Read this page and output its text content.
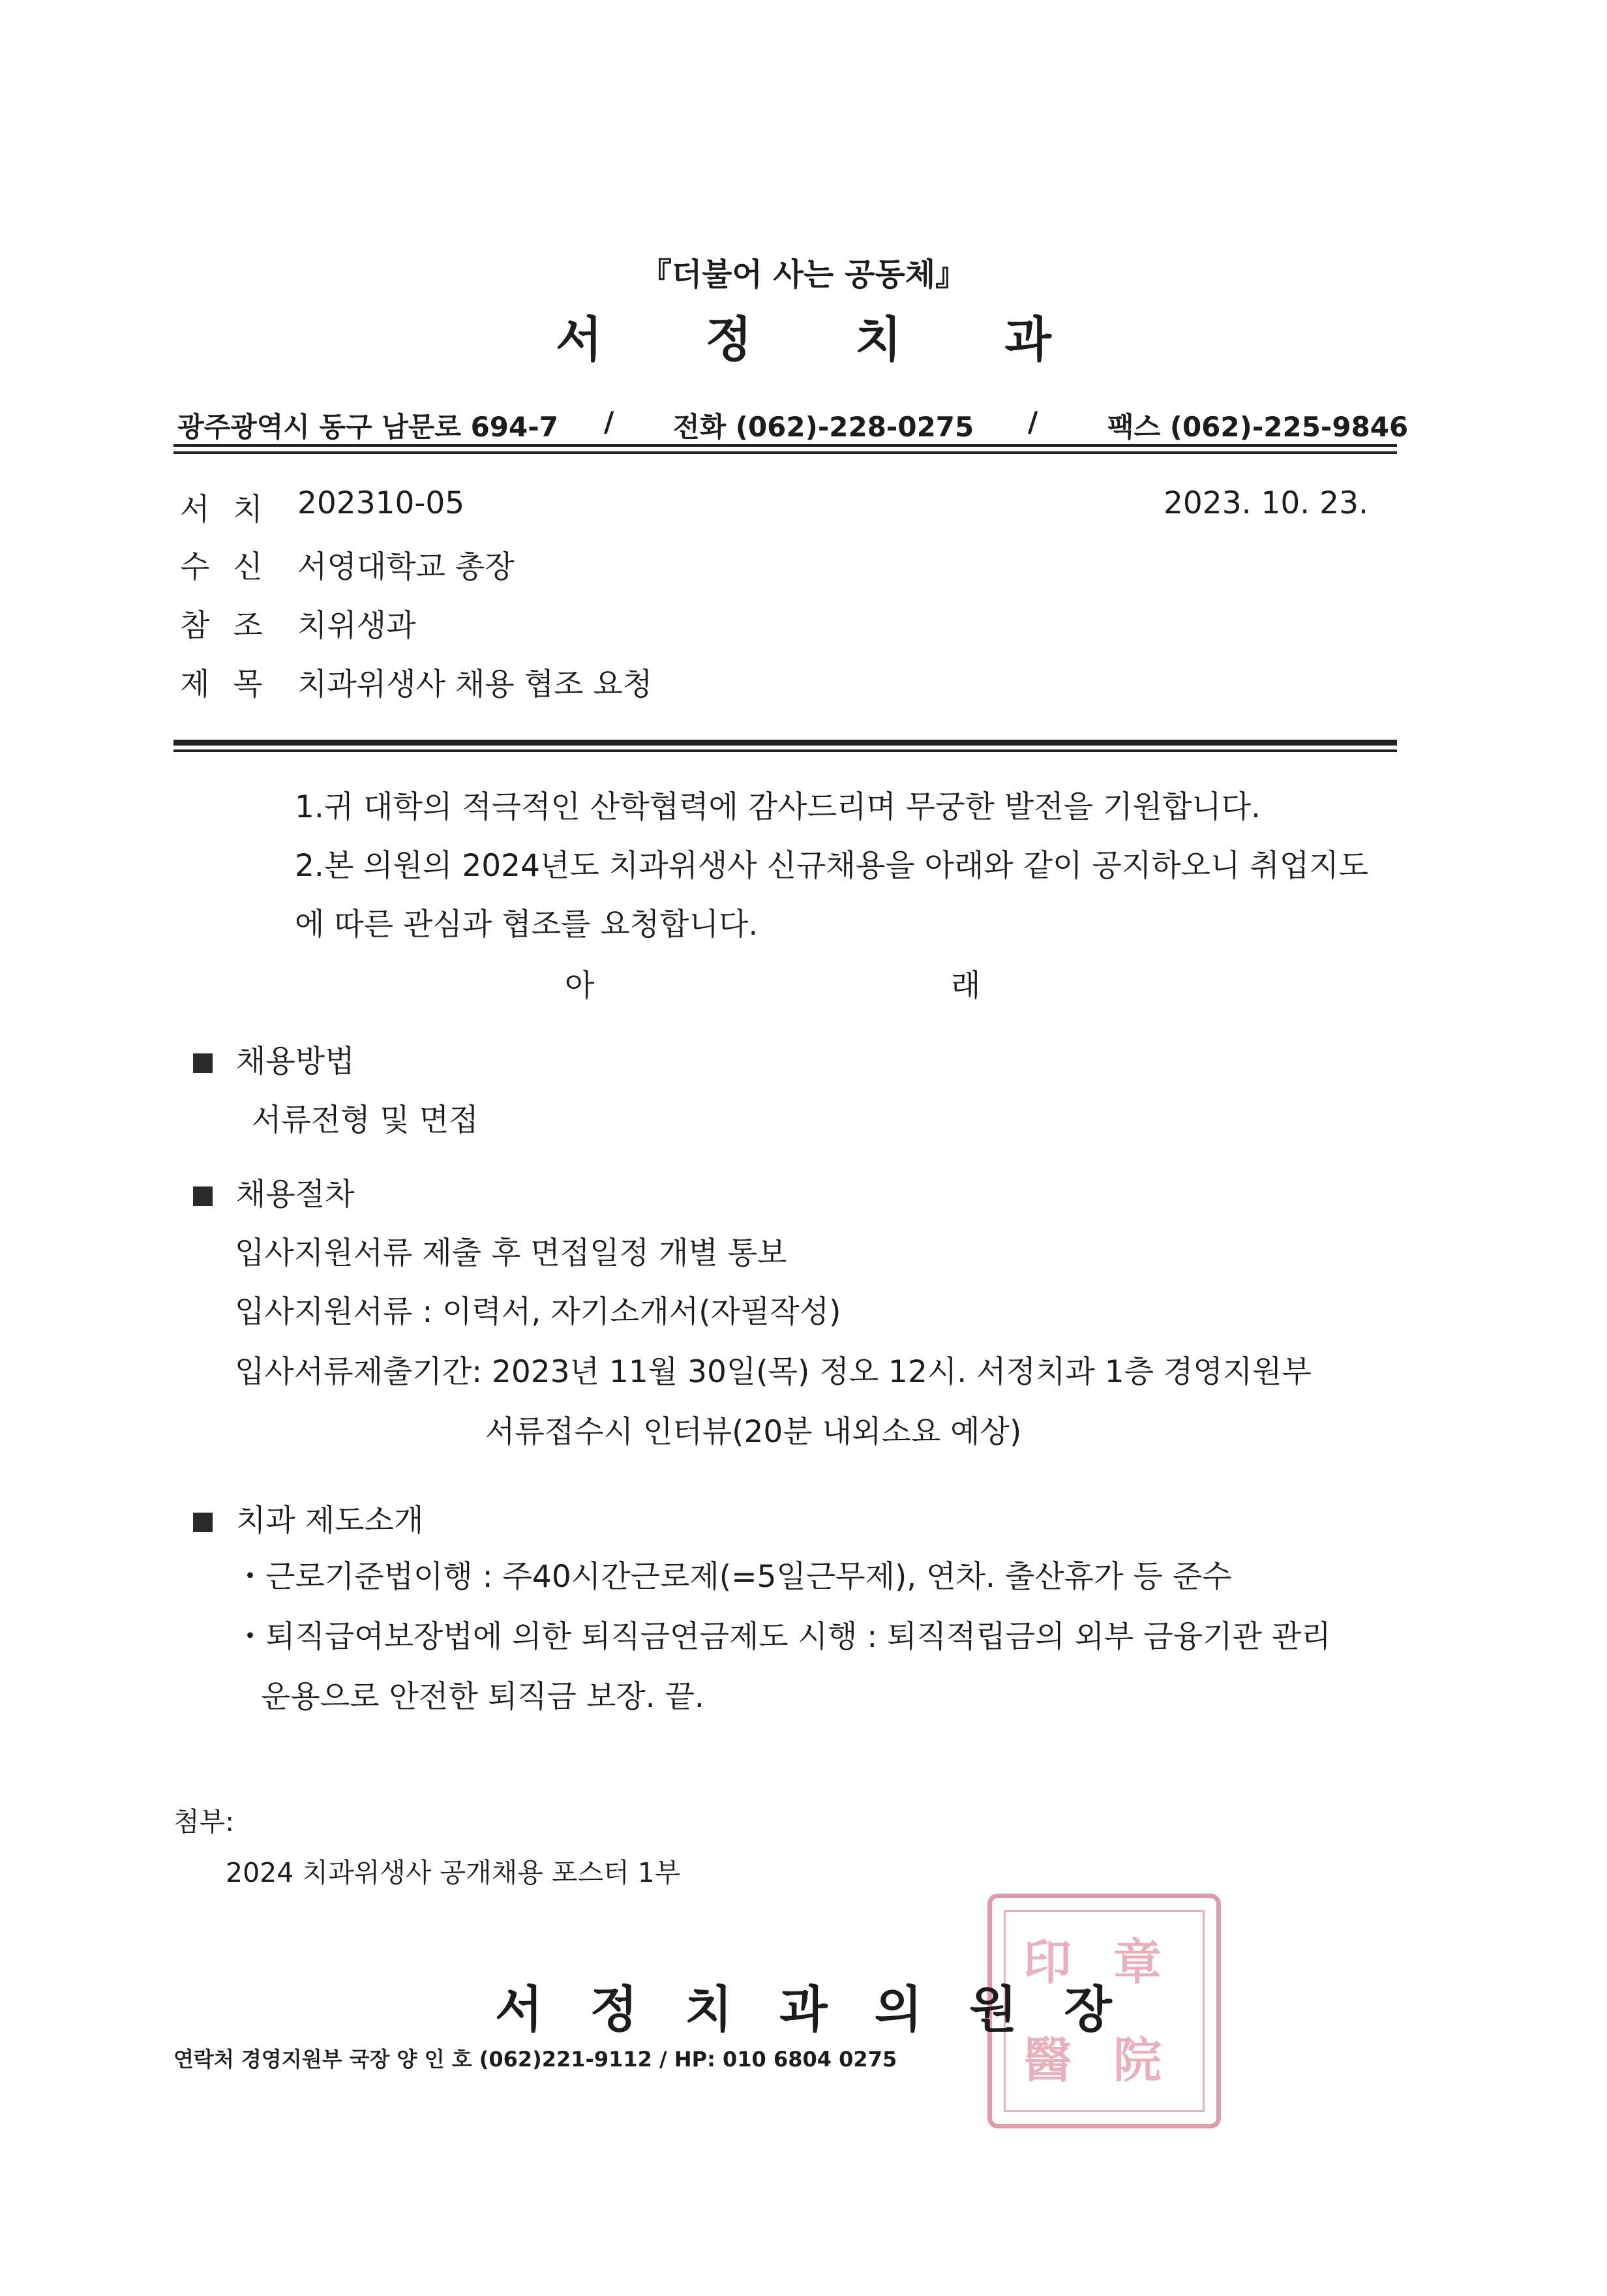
『더불어 사는 공동체』
서정치과
광주광역시 동구 남문로 694-7 / 전화 (062)-228-0275 /	팩스 (062)-225-9846
서치 202310-05	2023. 10. 23.
수신 서영대학교 총장
참조 치위생과
제목 치과위생사 채용 협조 요청
1.귀 대학의 적극적인 산학협력에 감사드리며 무궁한 발전을 기원합니다.
2.본 의원의 2024년도 치과위생사 신규채용을 아래와 같이 공지하오니 취업지도
에 따른 관심과 협조를 요청합니다.
아	래
채용방법
서류전형 및 면접
채용절차
입사지원서류 제출 후 면접일정 개별 통보
입사지원서류 : 이력서, 자기소개서(자필작성)
입사서류제출기간: 2023년 11월 30일(목) 정오 12시. 서정치과 1층 경영지원부
서류접수시 인터뷰(20분 내외소요 예상)
치과 제도소개
・근로기준법이행 : 주40시간근로제(=5일근무제), 연차. 출산휴가 등 준수
・퇴직급여보장법에 의한 퇴직금연금제도 시행 : 퇴직적립금의 외부 금융기관 관리
운용으로 안전한 퇴직금 보장. 끝.
첨부:
2024 치과위생사 공개채용 포스터 1부
印 章
醫 院
서정치과의원장
연락처 경영지원부 국장 양 인 호 (062)221-9112 / HP: 010 6804 0275
